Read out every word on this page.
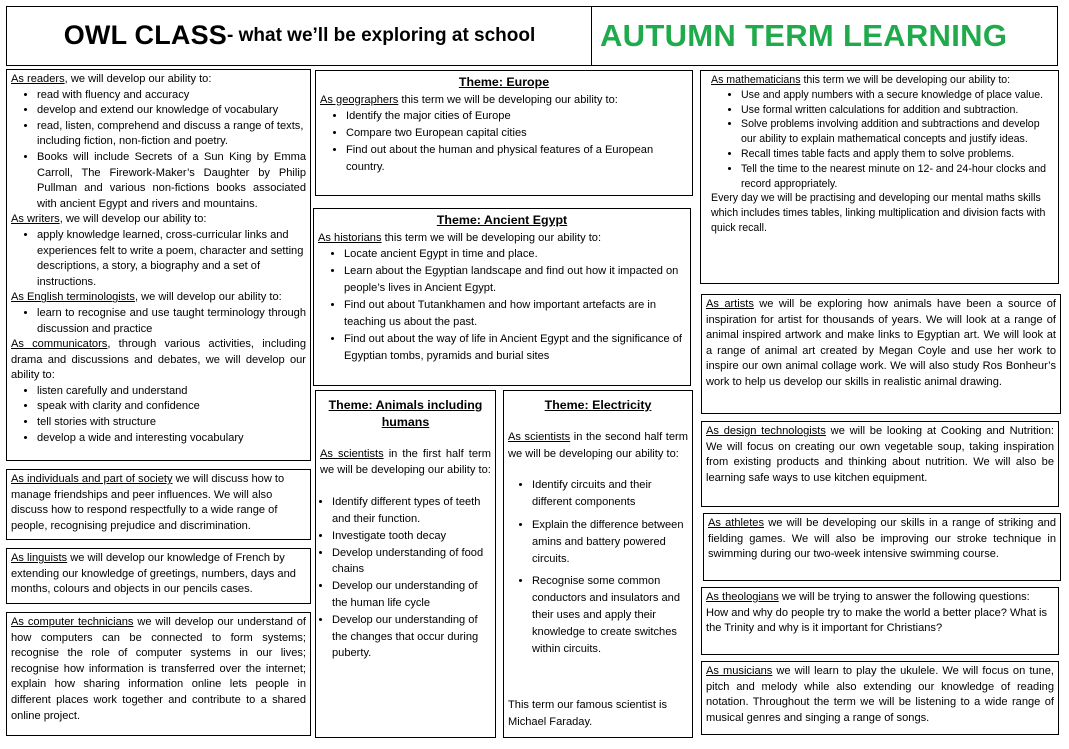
OWL CLASS - what we’ll be exploring at school AUTUMN TERM LEARNING
As readers, we will develop our ability to:
• read with fluency and accuracy
• develop and extend our knowledge of vocabulary
• read, listen, comprehend and discuss a range of texts, including fiction, non-fiction and poetry.
• Books will include Secrets of a Sun King by Emma Carroll, The Firework-Maker’s Daughter by Philip Pullman and various non-fictions books associated with ancient Egypt and rivers and mountains.
As writers, we will develop our ability to:
• apply knowledge learned, cross-curricular links and experiences felt to write a poem, character and setting descriptions, a story, a biography and a set of instructions.
As English terminologists, we will develop our ability to:
• learn to recognise and use taught terminology through discussion and practice
As communicators, through various activities, including drama and discussions and debates, we will develop our ability to:
• listen carefully and understand
• speak with clarity and confidence
• tell stories with structure
• develop a wide and interesting vocabulary
As individuals and part of society we will discuss how to manage friendships and peer influences. We will also discuss how to respond respectfully to a wide range of people, recognising prejudice and discrimination.
As linguists we will develop our knowledge of French by extending our knowledge of greetings, numbers, days and months, colours and objects in our pencils cases.
As computer technicians we will develop our understand of how computers can be connected to form systems; recognise the role of computer systems in our lives; recognise how information is transferred over the internet; explain how sharing information online lets people in different places work together and contribute to a shared online project.
Theme: Europe
As geographers this term we will be developing our ability to:
• Identify the major cities of Europe
• Compare two European capital cities
• Find out about the human and physical features of a European country.
Theme: Ancient Egypt
As historians this term we will be developing our ability to:
• Locate ancient Egypt in time and place.
• Learn about the Egyptian landscape and find out how it impacted on people’s lives in Ancient Egypt.
• Find out about Tutankhamen and how important artefacts are in teaching us about the past.
• Find out about the way of life in Ancient Egypt and the significance of Egyptian tombs, pyramids and burial sites
Theme: Animals including humans
As scientists in the first half term we will be developing our ability to:
• Identify different types of teeth and their function.
• Investigate tooth decay
• Develop understanding of food chains
• Develop our understanding of the human life cycle
• Develop our understanding of the changes that occur during puberty.
Theme: Electricity
As scientists in the second half term we will be developing our ability to:
• Identify circuits and their different components
• Explain the difference between amins and battery powered circuits.
• Recognise some common conductors and insulators and their uses and apply their knowledge to create switches within circuits.
This term our famous scientist is Michael Faraday.
As mathematicians this term we will be developing our ability to:
• Use and apply numbers with a secure knowledge of place value.
• Use formal written calculations for addition and subtraction.
• Solve problems involving addition and subtractions and develop our ability to explain mathematical concepts and justify ideas.
• Recall times table facts and apply them to solve problems.
• Tell the time to the nearest minute on 12- and 24-hour clocks and record appropriately.
Every day we will be practising and developing our mental maths skills which includes times tables, linking multiplication and division facts with quick recall.
As artists we will be exploring how animals have been a source of inspiration for artist for thousands of years. We will look at a range of animal inspired artwork and make links to Egyptian art. We will look at a range of animal art created by Megan Coyle and use her work to inspire our own animal collage work. We will also study Ros Bonheur’s work to help us develop our skills in realistic animal drawing.
As design technologists we will be looking at Cooking and Nutrition: We will focus on creating our own vegetable soup, taking inspiration from existing products and thinking about nutrition. We will also be learning safe ways to use kitchen equipment.
As athletes we will be developing our skills in a range of striking and fielding games. We will also be improving our stroke technique in swimming during our two-week intensive swimming course.
As theologians we will be trying to answer the following questions: How and why do people try to make the world a better place? What is the Trinity and why is it important for Christians?
As musicians we will learn to play the ukulele. We will focus on tune, pitch and melody while also extending our knowledge of reading notation. Throughout the term we will be listening to a wide range of musical genres and singing a range of songs.
